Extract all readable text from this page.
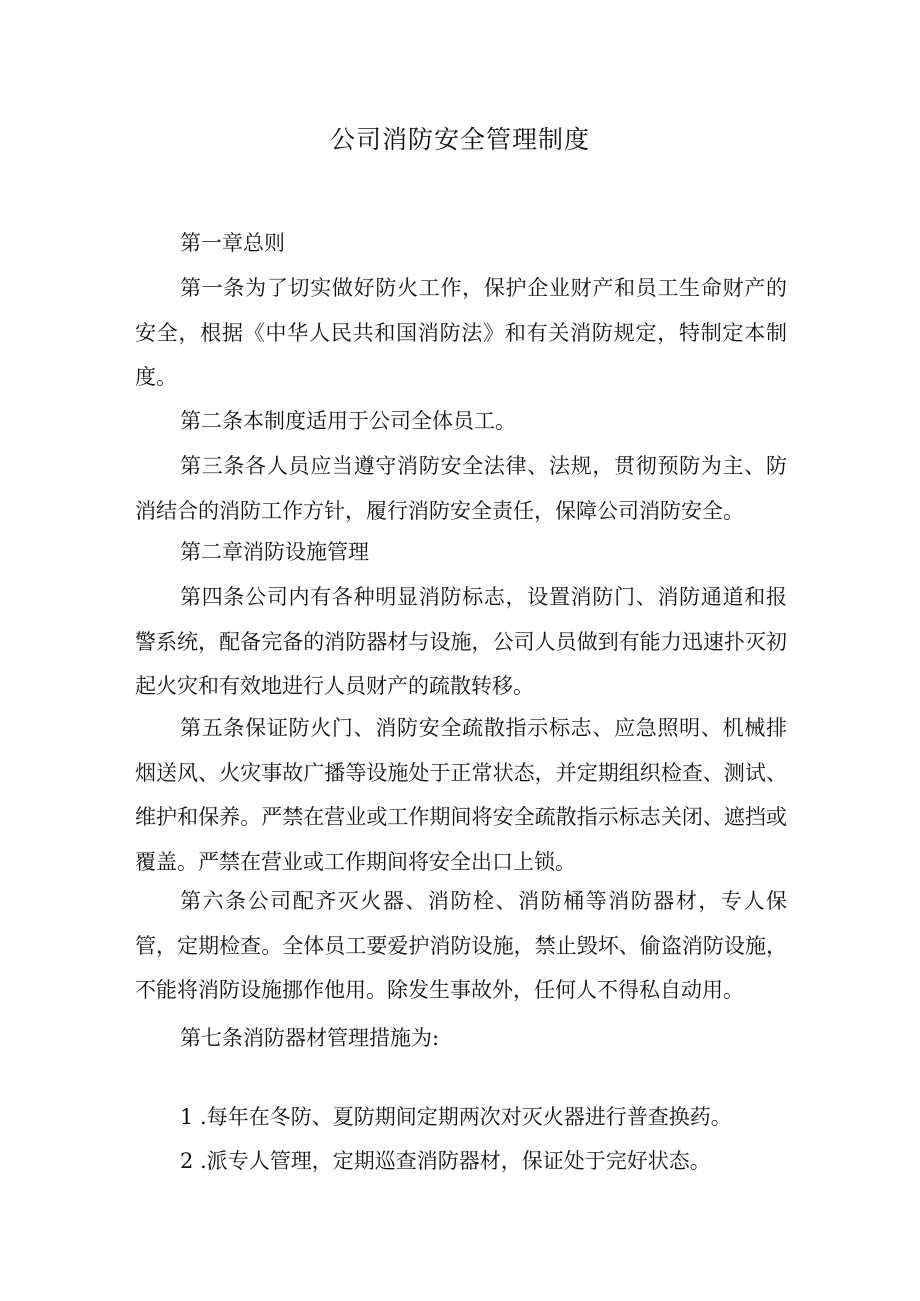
公司消防安全管理制度

第一章总则

第一条为了切实做好防火工作，保护企业财产和员工生命财产的安全，根据《中华人民共和国消防法》和有关消防规定，特制定本制度。

第二条本制度适用于公司全体员工。

第三条各人员应当遵守消防安全法律、法规，贯彻预防为主、防消结合的消防工作方针，履行消防安全责任，保障公司消防安全。

第二章消防设施管理

第四条公司内有各种明显消防标志，设置消防门、消防通道和报警系统，配备完备的消防器材与设施，公司人员做到有能力迅速扑灭初起火灾和有效地进行人员财产的疏散转移。

第五条保证防火门、消防安全疏散指示标志、应急照明、机械排烟送风、火灾事故广播等设施处于正常状态，并定期组织检查、测试、维护和保养。严禁在营业或工作期间将安全疏散指示标志关闭、遮挡或覆盖。严禁在营业或工作期间将安全出口上锁。

第六条公司配齐灭火器、消防栓、消防桶等消防器材，专人保管，定期检查。全体员工要爱护消防设施，禁止毁坏、偷盗消防设施，不能将消防设施挪作他用。除发生事故外，任何人不得私自动用。

第七条消防器材管理措施为:

1 .每年在冬防、夏防期间定期两次对灭火器进行普查换药。

2 .派专人管理，定期巡查消防器材，保证处于完好状态。
